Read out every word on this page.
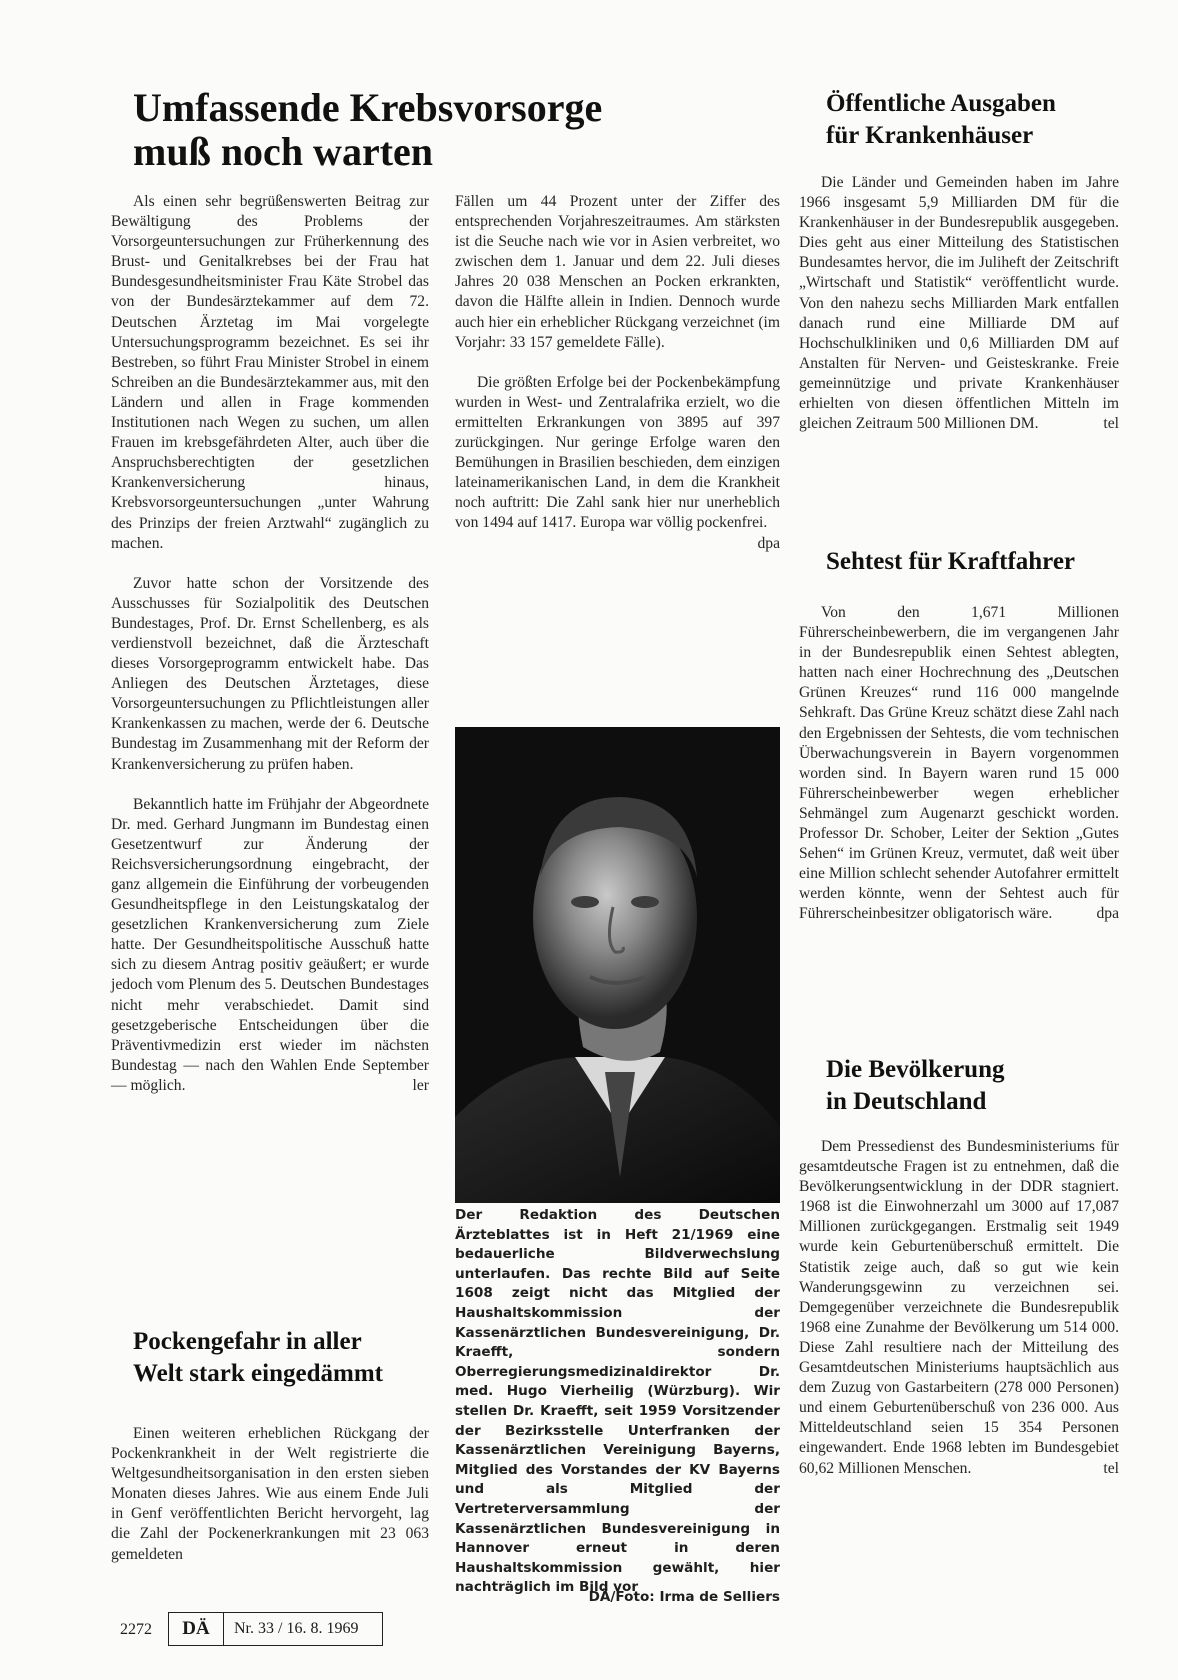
Umfassende Krebsvorsorge
muß noch warten

Als einen sehr begrüßenswerten Beitrag zur Bewältigung des Problems der Vorsorgeuntersuchungen zur Früherkennung des Brust- und Genitalkrebses bei der Frau hat Bundesgesundheitsminister Frau Käte Strobel das von der Bundesärztekammer auf dem 72. Deutschen Ärztetag im Mai vorgelegte Untersuchungsprogramm bezeichnet. Es sei ihr Bestreben, so führt Frau Minister Strobel in einem Schreiben an die Bundesärztekammer aus, mit den Ländern und allen in Frage kommenden Institutionen nach Wegen zu suchen, um allen Frauen im krebsgefährdeten Alter, auch über die Anspruchsberechtigten der gesetzlichen Krankenversicherung hinaus, Krebsvorsorgeuntersuchungen „unter Wahrung des Prinzips der freien Arztwahl“ zugänglich zu machen.

Zuvor hatte schon der Vorsitzende des Ausschusses für Sozialpolitik des Deutschen Bundestages, Prof. Dr. Ernst Schellenberg, es als verdienstvoll bezeichnet, daß die Ärzteschaft dieses Vorsorgeprogramm entwickelt habe. Das Anliegen des Deutschen Ärztetages, diese Vorsorgeuntersuchungen zu Pflichtleistungen aller Krankenkassen zu machen, werde der 6. Deutsche Bundestag im Zusammenhang mit der Reform der Krankenversicherung zu prüfen haben.

Bekanntlich hatte im Frühjahr der Abgeordnete Dr. med. Gerhard Jungmann im Bundestag einen Gesetzentwurf zur Änderung der Reichsversicherungsordnung eingebracht, der ganz allgemein die Einführung der vorbeugenden Gesundheitspflege in den Leistungskatalog der gesetzlichen Krankenversicherung zum Ziele hatte. Der Gesundheitspolitische Ausschuß hatte sich zu diesem Antrag positiv geäußert; er wurde jedoch vom Plenum des 5. Deutschen Bundestages nicht mehr verabschiedet. Damit sind gesetzgeberische Entscheidungen über die Präventivmedizin erst wieder im nächsten Bundestag — nach den Wahlen Ende September — möglich.	ler

Pockengefahr in aller
Welt stark eingedämmt

Einen weiteren erheblichen Rückgang der Pockenkrankheit in der Welt registrierte die Weltgesundheitsorganisation in den ersten sieben Monaten dieses Jahres. Wie aus einem Ende Juli in Genf veröffentlichten Bericht hervorgeht, lag die Zahl der Pockenerkrankungen mit 23 063 gemeldeten

Fällen um 44 Prozent unter der Ziffer des entsprechenden Vorjahreszeitraumes. Am stärksten ist die Seuche nach wie vor in Asien verbreitet, wo zwischen dem 1. Januar und dem 22. Juli dieses Jahres 20 038 Menschen an Pocken erkrankten, davon die Hälfte allein in Indien. Dennoch wurde auch hier ein erheblicher Rückgang verzeichnet (im Vorjahr: 33 157 gemeldete Fälle).

Die größten Erfolge bei der Pockenbekämpfung wurden in West- und Zentralafrika erzielt, wo die ermittelten Erkrankungen von 3895 auf 397 zurückgingen. Nur geringe Erfolge waren den Bemühungen in Brasilien beschieden, dem einzigen lateinamerikanischen Land, in dem die Krankheit noch auftritt: Die Zahl sank hier nur unerheblich von 1494 auf 1417. Europa war völlig pockenfrei.
dpa

Der Redaktion des Deutschen Ärzteblattes ist in Heft 21/1969 eine bedauerliche Bildverwechslung unterlaufen. Das rechte Bild auf Seite 1608 zeigt nicht das Mitglied der Haushaltskommission der Kassenärztlichen Bundesvereinigung, Dr. Kraefft, sondern Oberregierungsmedizinaldirektor Dr. med. Hugo Vierheilig (Würzburg). Wir stellen Dr. Kraefft, seit 1959 Vorsitzender der Bezirksstelle Unterfranken der Kassenärztlichen Vereinigung Bayerns, Mitglied des Vorstandes der KV Bayerns und als Mitglied der Vertreterversammlung der Kassenärztlichen Bundesvereinigung in Hannover erneut in deren Haushaltskommission gewählt, hier nachträglich im Bild vor

DÄ/Foto: Irma de Selliers
Öffentliche Ausgaben
für Krankenhäuser

Die Länder und Gemeinden haben im Jahre 1966 insgesamt 5,9 Milliarden DM für die Krankenhäuser in der Bundesrepublik ausgegeben. Dies geht aus einer Mitteilung des Statistischen Bundesamtes hervor, die im Juliheft der Zeitschrift „Wirtschaft und Statistik“ veröffentlicht wurde. Von den nahezu sechs Milliarden Mark entfallen danach rund eine Milliarde DM auf Hochschulkliniken und 0,6 Milliarden DM auf Anstalten für Nerven- und Geisteskranke. Freie gemeinnützige und private Krankenhäuser erhielten von diesen öffentlichen Mitteln im gleichen Zeitraum 500 Millionen DM.	tel

Sehtest für Kraftfahrer

Von den 1,671 Millionen Führerscheinbewerbern, die im vergangenen Jahr in der Bundesrepublik einen Sehtest ablegten, hatten nach einer Hochrechnung des „Deutschen Grünen Kreuzes“ rund 116 000 mangelnde Sehkraft. Das Grüne Kreuz schätzt diese Zahl nach den Ergebnissen der Sehtests, die vom technischen Überwachungsverein in Bayern vorgenommen worden sind. In Bayern waren rund 15 000 Führerscheinbewerber wegen erheblicher Sehmängel zum Augenarzt geschickt worden. Professor Dr. Schober, Leiter der Sektion „Gutes Sehen“ im Grünen Kreuz, vermutet, daß weit über eine Million schlecht sehender Autofahrer ermittelt werden könnte, wenn der Sehtest auch für Führerscheinbesitzer obligatorisch wäre.	dpa

Die Bevölkerung
in Deutschland

Dem Pressedienst des Bundesministeriums für gesamtdeutsche Fragen ist zu entnehmen, daß die Bevölkerungsentwicklung in der DDR stagniert. 1968 ist die Einwohnerzahl um 3000 auf 17,087 Millionen zurückgegangen. Erstmalig seit 1949 wurde kein Geburtenüberschuß ermittelt. Die Statistik zeige auch, daß so gut wie kein Wanderungsgewinn zu verzeichnen sei. Demgegenüber verzeichnete die Bundesrepublik 1968 eine Zunahme der Bevölkerung um 514 000. Diese Zahl resultiere nach der Mitteilung des Gesamtdeutschen Ministeriums hauptsächlich aus dem Zuzug von Gastarbeitern (278 000 Personen) und einem Geburtenüberschuß von 236 000. Aus Mitteldeutschland seien 15 354 Personen eingewandert. Ende 1968 lebten im Bundesgebiet 60,62 Millionen Menschen.	tel

2272	DÄ	Nr. 33 / 16. 8. 1969
